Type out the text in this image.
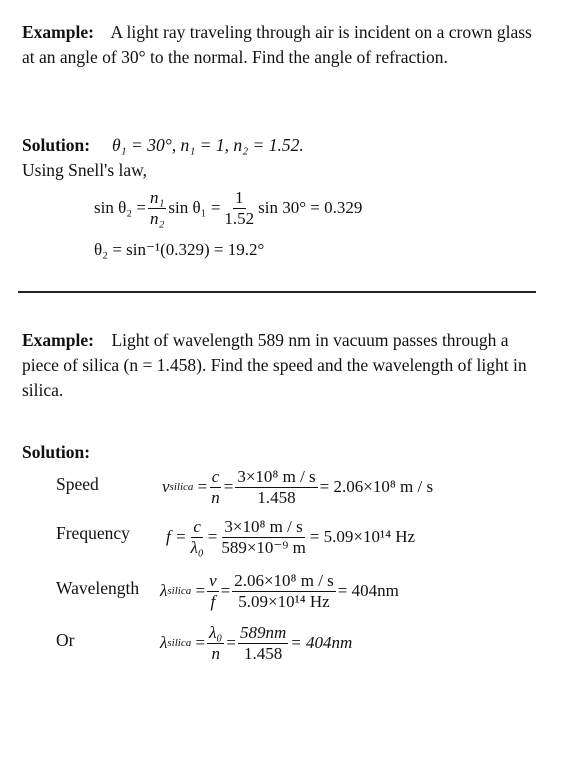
Example: A light ray traveling through air is incident on a crown glass at an angle of 30° to the normal. Find the angle of refraction.
Solution: θ₁ = 30°, n₁ = 1, n₂ = 1.52.
Using Snell's law,
$\sin \theta_2 = \frac{\text{n₁}}{\text{n₂}}$ $\sin \theta_1 = \frac{1}{1.52}$ sin 30° = 0.329
θ₂ = sin⁻¹(0.329) = 19.2°
Example: Light of wavelength 589 nm in vacuum passes through a piece of silica (n = 1.458). Find the speed and the wavelength of light in silica.
Solution:
Speed	v silica = $\frac{c}{n} = \frac{\text{3×10⁸ m / s}}{1.458} = 2.06\times 10^8$ m / s
Frequency $f = \frac{c}{\text{λ₀}} = \frac{\text{3×10⁸ m / s}}{\text{589×10⁻⁹ m}} = 5.09\times 10^{14}$ Hz
Wavelength λ silica = $\frac{v}{f} = \frac{\text{2.06×10⁸ m / s}}{\text{5.09×10¹⁴ Hz}} = 404nm$
Or	λ silica = $\frac{\text{λ₀}}{n} = \frac{589nm}{1.458} = 404nm$
